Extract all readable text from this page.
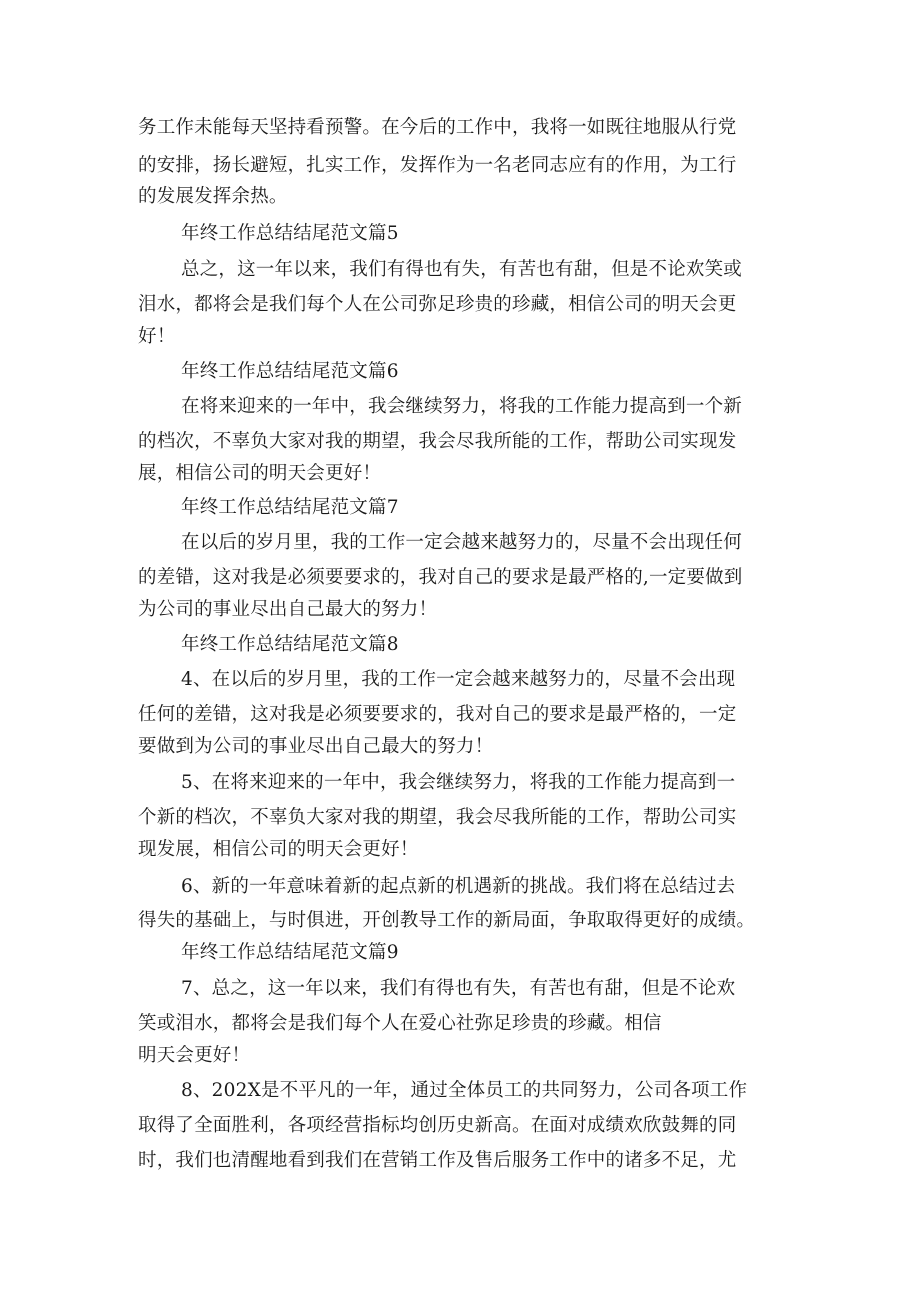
务工作未能每天坚持看预警。在今后的工作中，我将一如既往地服从行党

的安排，扬长避短，扎实工作，发挥作为一名老同志应有的作用，为工行

的发展发挥余热。

年终工作总结结尾范文篇5

总之，这一年以来，我们有得也有失，有苦也有甜，但是不论欢笑或

泪水，都将会是我们每个人在公司弥足珍贵的珍藏，相信公司的明天会更

好！

年终工作总结结尾范文篇6

在将来迎来的一年中，我会继续努力，将我的工作能力提高到一个新

的档次，不辜负大家对我的期望，我会尽我所能的工作，帮助公司实现发

展，相信公司的明天会更好！

年终工作总结结尾范文篇7

在以后的岁月里，我的工作一定会越来越努力的，尽量不会出现任何

的差错，这对我是必须要要求的，我对自己的要求是最严格的,一定要做到

为公司的事业尽出自己最大的努力！

年终工作总结结尾范文篇8

4、在以后的岁月里，我的工作一定会越来越努力的，尽量不会出现

任何的差错，这对我是必须要要求的，我对自己的要求是最严格的，一定

要做到为公司的事业尽出自己最大的努力！

5、在将来迎来的一年中，我会继续努力，将我的工作能力提高到一

个新的档次，不辜负大家对我的期望，我会尽我所能的工作，帮助公司实

现发展，相信公司的明天会更好！

6、新的一年意味着新的起点新的机遇新的挑战。我们将在总结过去

得失的基础上，与时俱进，开创教导工作的新局面，争取取得更好的成绩。

年终工作总结结尾范文篇9

7、总之，这一年以来，我们有得也有失，有苦也有甜，但是不论欢

笑或泪水，都将会是我们每个人在爱心社弥足珍贵的珍藏。相信

明天会更好！

8、202X是不平凡的一年，通过全体员工的共同努力，公司各项工作

取得了全面胜利，各项经营指标均创历史新高。在面对成绩欢欣鼓舞的同

时，我们也清醒地看到我们在营销工作及售后服务工作中的诸多不足，尤
